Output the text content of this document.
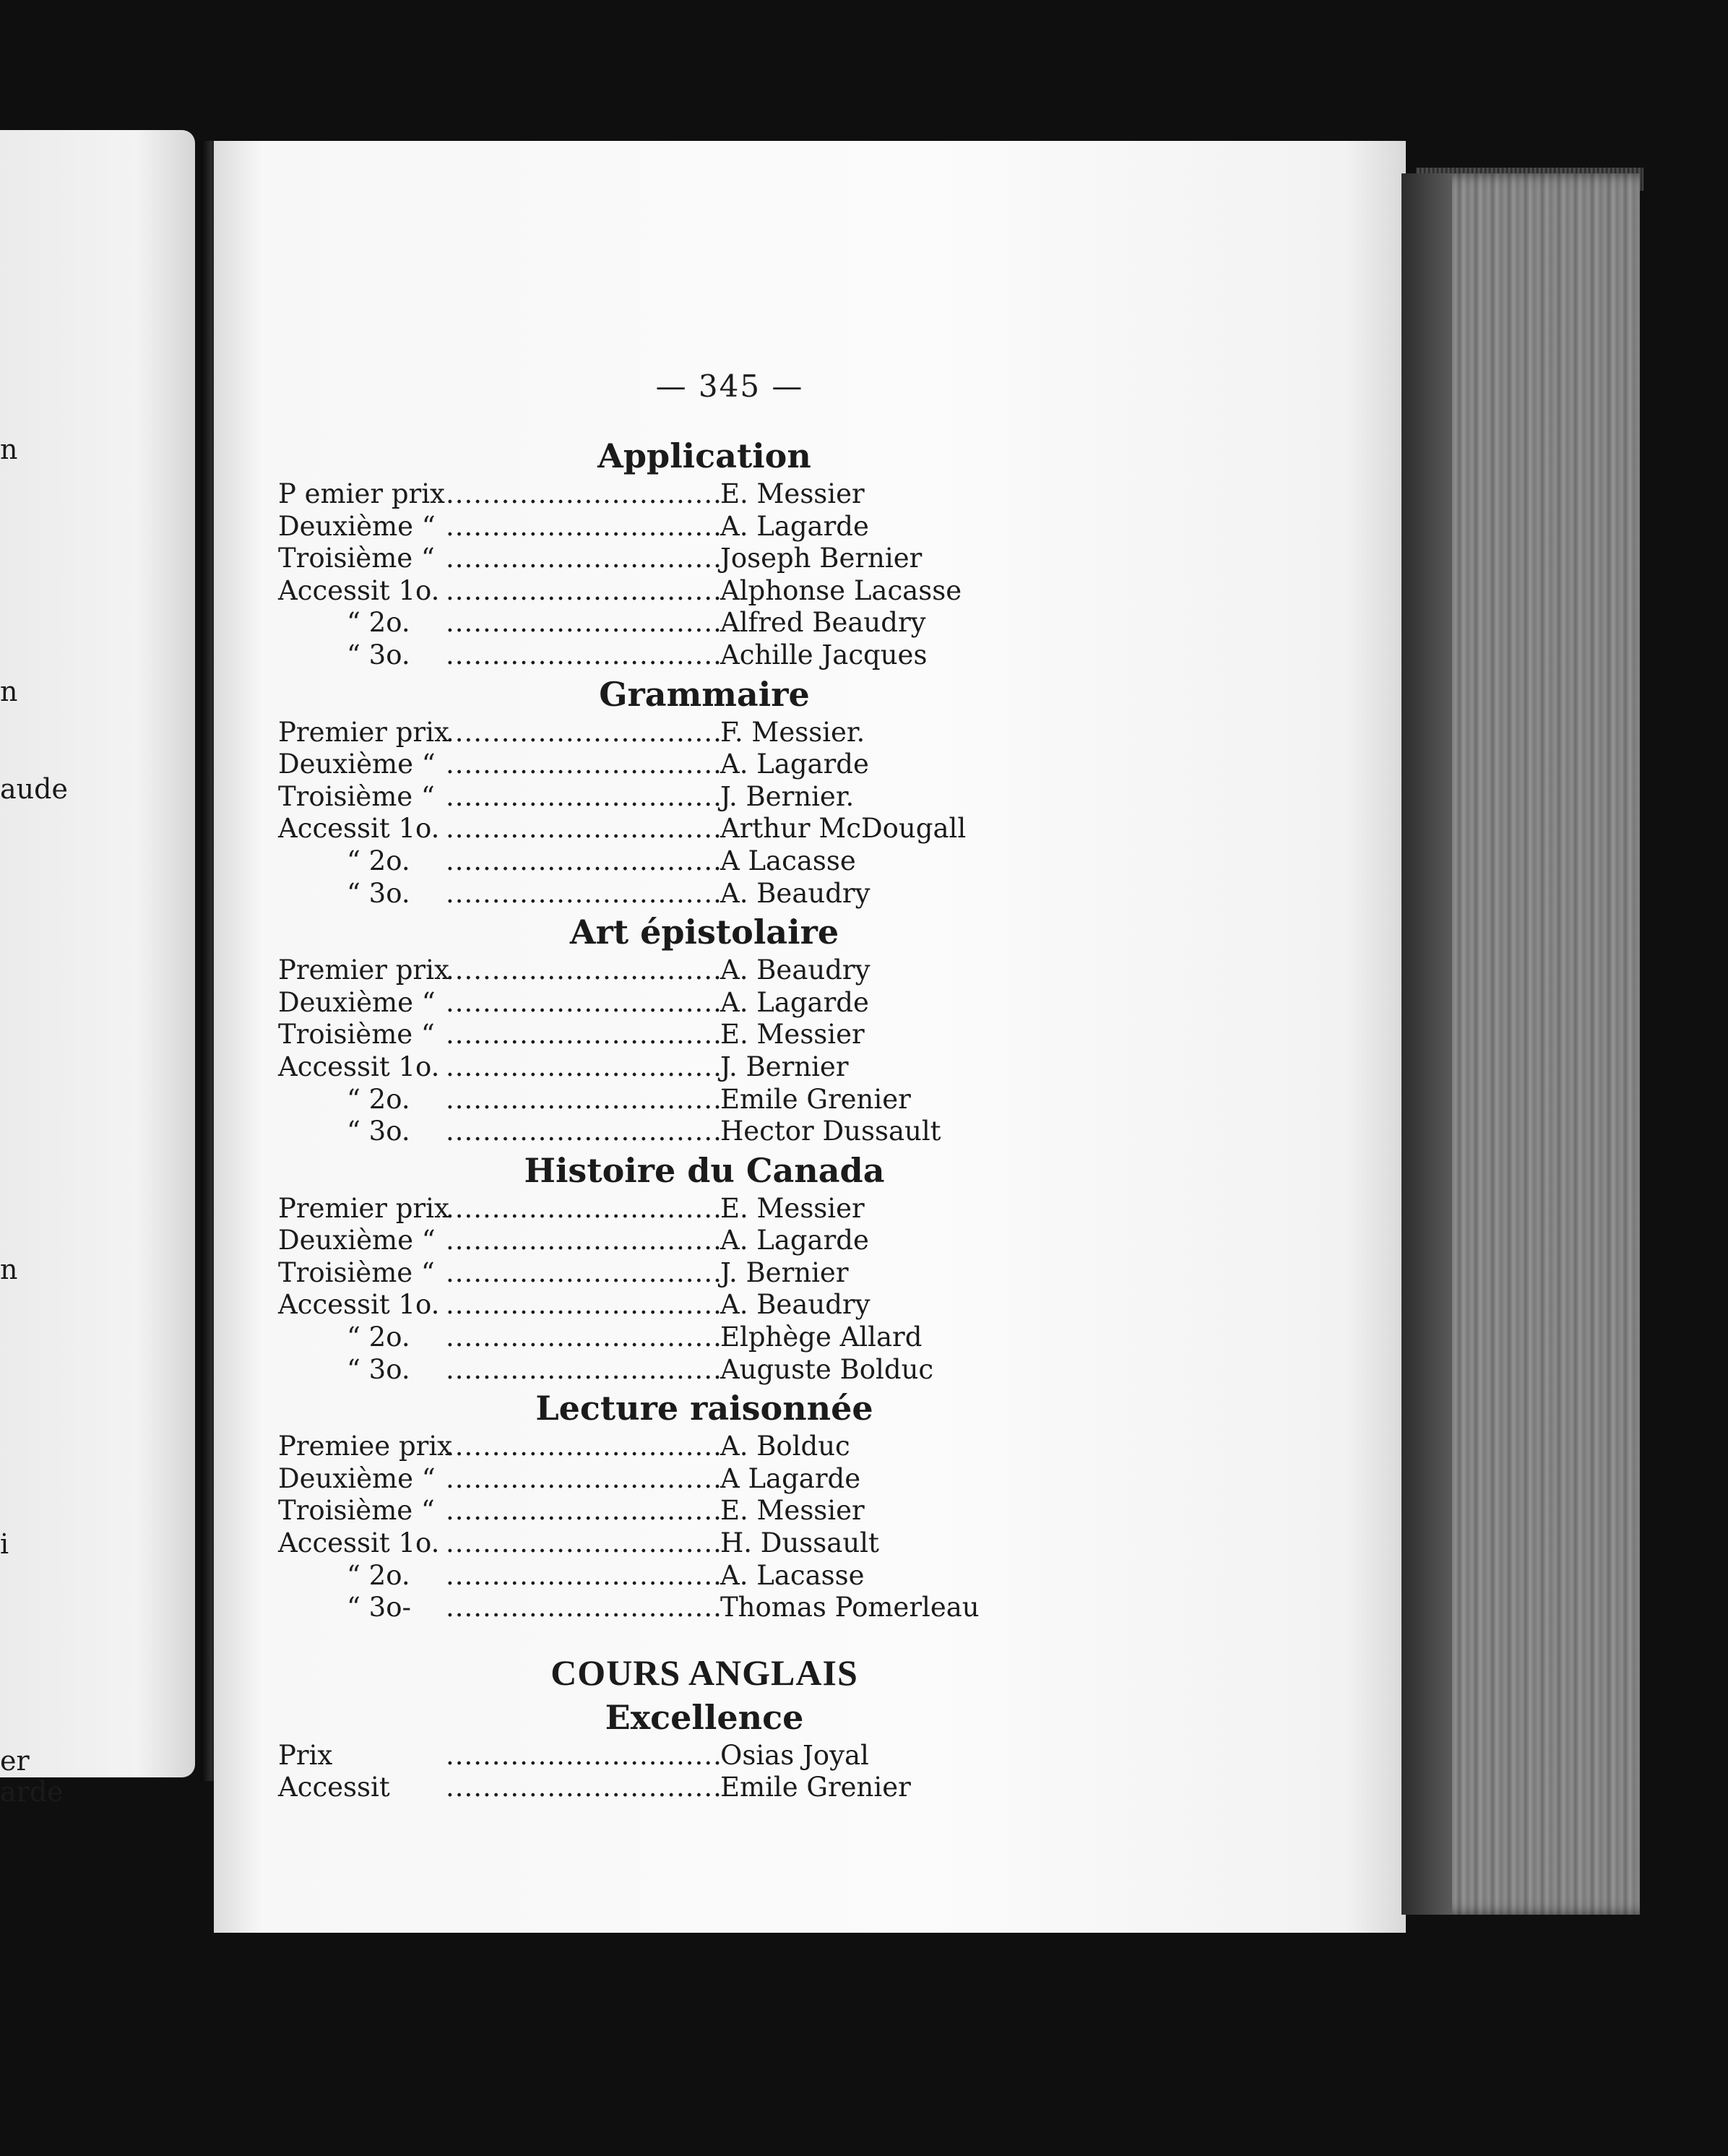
n
n
aude
n
i
er
arde
— 345 —
Application
P emier prix .....	E. Messier
Deuxième “ .....	A. Lagarde
Troisième “ .....	Joseph Bernier
Accessit 1o. .....	Alphonse Lacasse
“ 2o. .....	Alfred Beaudry
“ 3o. .....	Achille Jacques
Grammaire
Premier prix .....	F. Messier.
Deuxième “ .....	A. Lagarde
Troisième “ .....	J. Bernier.
Accessit 1o. .....	Arthur McDougall
“ 2o. .....	A Lacasse
“ 3o. .....	A. Beaudry
Art épistolaire
Premier prix .....	A. Beaudry
Deuxième “ .....	A. Lagarde
Troisième “ .....	E. Messier
Accessit 1o. .....	J. Bernier
“ 2o. .....	Emile Grenier
“ 3o. .....	Hector Dussault
Histoire du Canada
Premier prix .....	E. Messier
Deuxième “ .....	A. Lagarde
Troisième “ .....	J. Bernier
Accessit 1o. .....	A. Beaudry
“ 2o. .....	Elphège Allard
“ 3o. .....	Auguste Bolduc
Lecture raisonnée
Premiee prix .....	A. Bolduc
Deuxième “ .....	A Lagarde
Troisième “ .....	E. Messier
Accessit 1o. .....	H. Dussault
“ 2o. .....	A. Lacasse
“ 3o- .....	Thomas Pomerleau
COURS ANGLAIS
Excellence
Prix .....	Osias Joyal
Accessit .....	Emile Grenier
